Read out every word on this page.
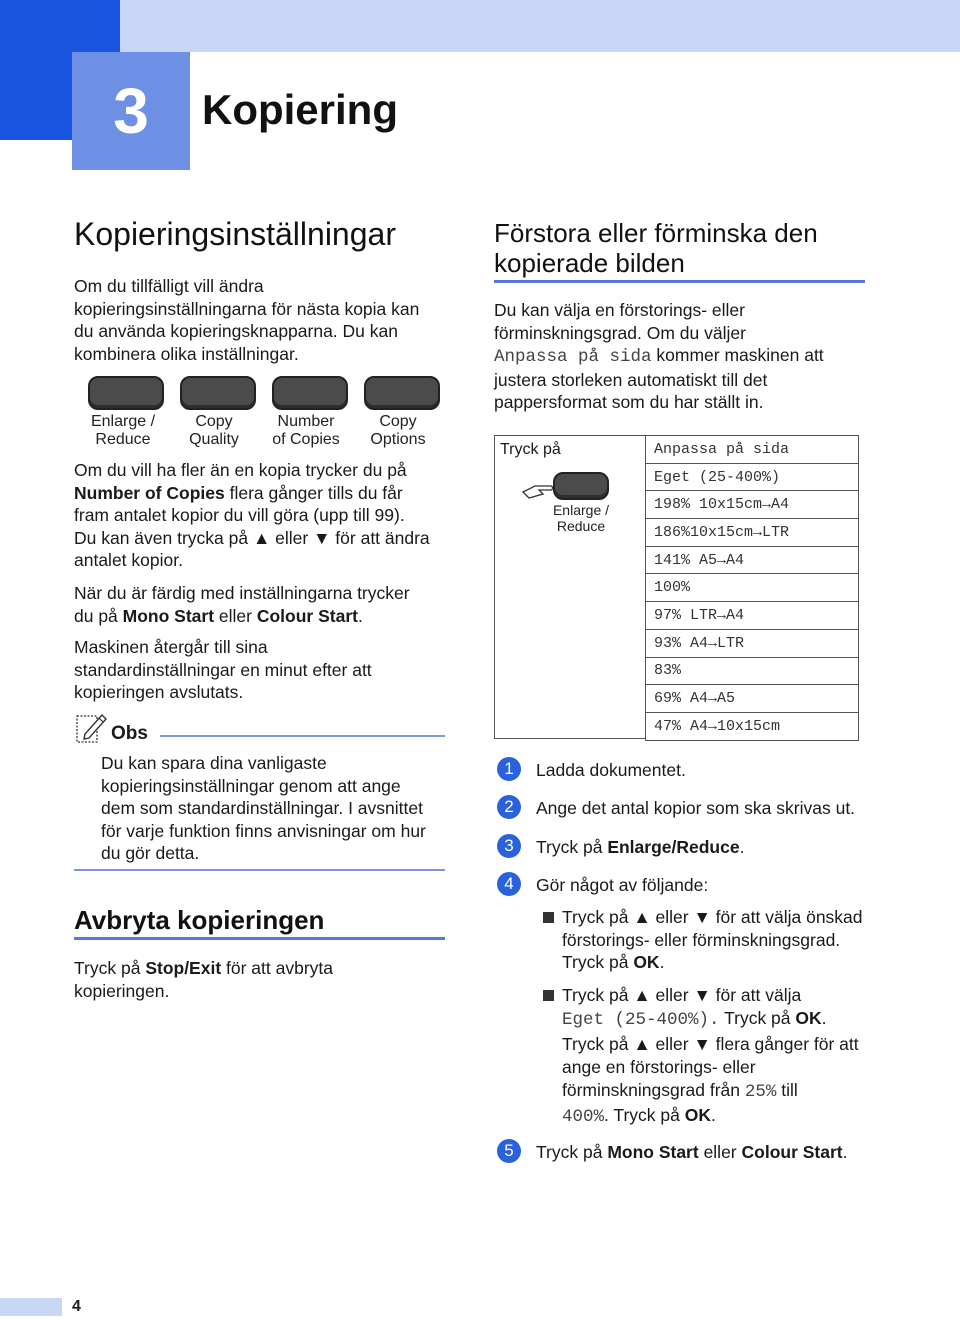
3	Kopiering
Kopieringsinställningar
Om du tillfälligt vill ändra
kopieringsinställningarna för nästa kopia kan
du använda kopieringsknapparna. Du kan
kombinera olika inställningar.
Enlarge /
Reduce
Copy
Quality
Number
of Copies
Copy
Options
Om du vill ha fler än en kopia trycker du på
Number of Copies flera gånger tills du får
fram antalet kopior du vill göra (upp till 99).
Du kan även trycka på ▲ eller ▼ för att ändra
antalet kopior.
När du är färdig med inställningarna trycker
du på Mono Start eller Colour Start.
Maskinen återgår till sina
standardinställningar en minut efter att
kopieringen avslutats.
Obs
Du kan spara dina vanligaste
kopieringsinställningar genom att ange
dem som standardinställningar. I avsnittet
för varje funktion finns anvisningar om hur
du gör detta.
Avbryta kopieringen
Tryck på Stop/Exit för att avbryta
kopieringen.
Förstora eller förminska den
kopierade bilden
Du kan välja en förstorings- eller
förminskningsgrad. Om du väljer
Anpassa på sida kommer maskinen att
justera storleken automatiskt till det
pappersformat som du har ställt in.
Tryck på
Enlarge /
Reduce
Anpassa på sida
Eget (25-400%)
198% 10x15cm→A4
186%10x15cm→LTR
141% A5→A4
100%
97% LTR→A4
93% A4→LTR
83%
69% A4→A5
47% A4→10x15cm
1	Ladda dokumentet.
2	Ange det antal kopior som ska skrivas ut.
3	Tryck på Enlarge/Reduce.
4	Gör något av följande:
Tryck på ▲ eller ▼ för att välja önskad
förstorings- eller förminskningsgrad.
Tryck på OK.
Tryck på ▲ eller ▼ för att välja
Eget (25-400%). Tryck på OK.
Tryck på ▲ eller ▼ flera gånger för att
ange en förstorings- eller
förminskningsgrad från 25% till
400%. Tryck på OK.
5	Tryck på Mono Start eller Colour Start.
4
